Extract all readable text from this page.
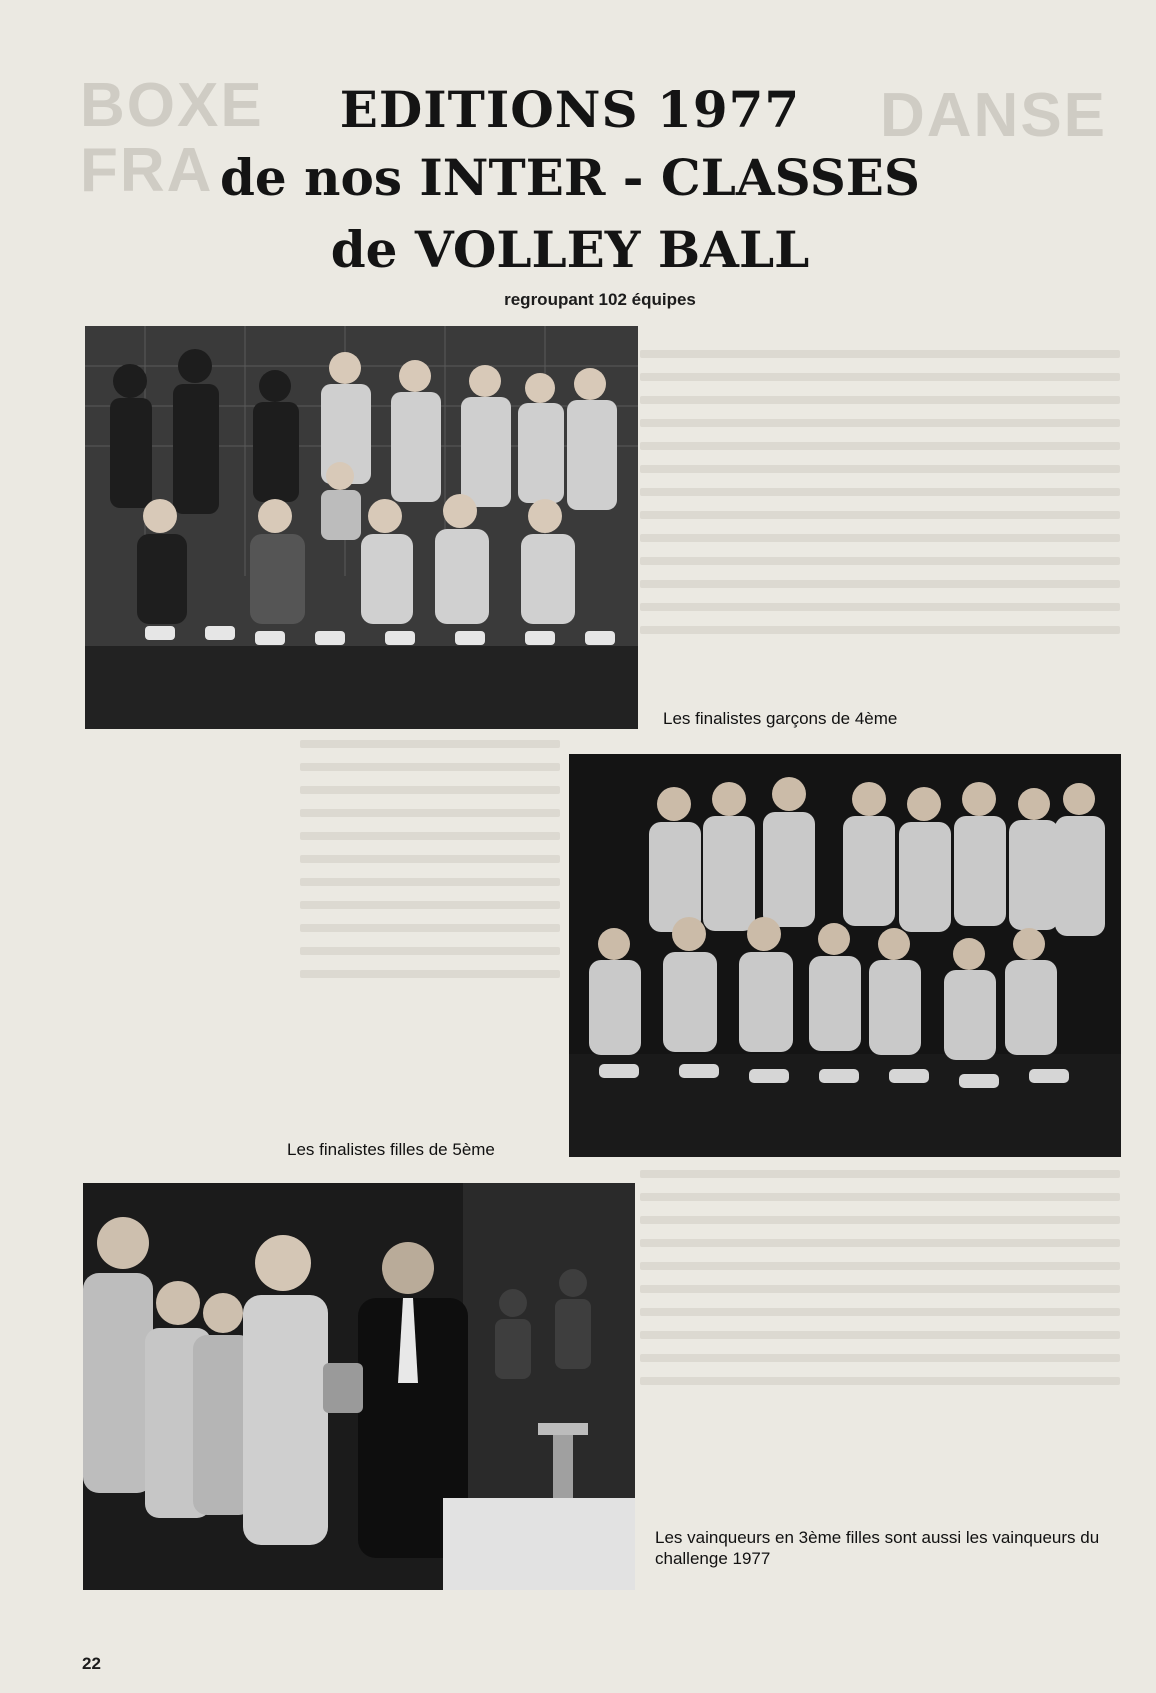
BOXE
FRA
DANSE
EDITIONS 1977
de nos INTER - CLASSES
de VOLLEY BALL
regroupant 102 équipes
Les finalistes garçons de 4ème
Les finalistes filles de 5ème
Les vainqueurs en 3ème filles sont aussi les vainqueurs du challenge 1977
22
